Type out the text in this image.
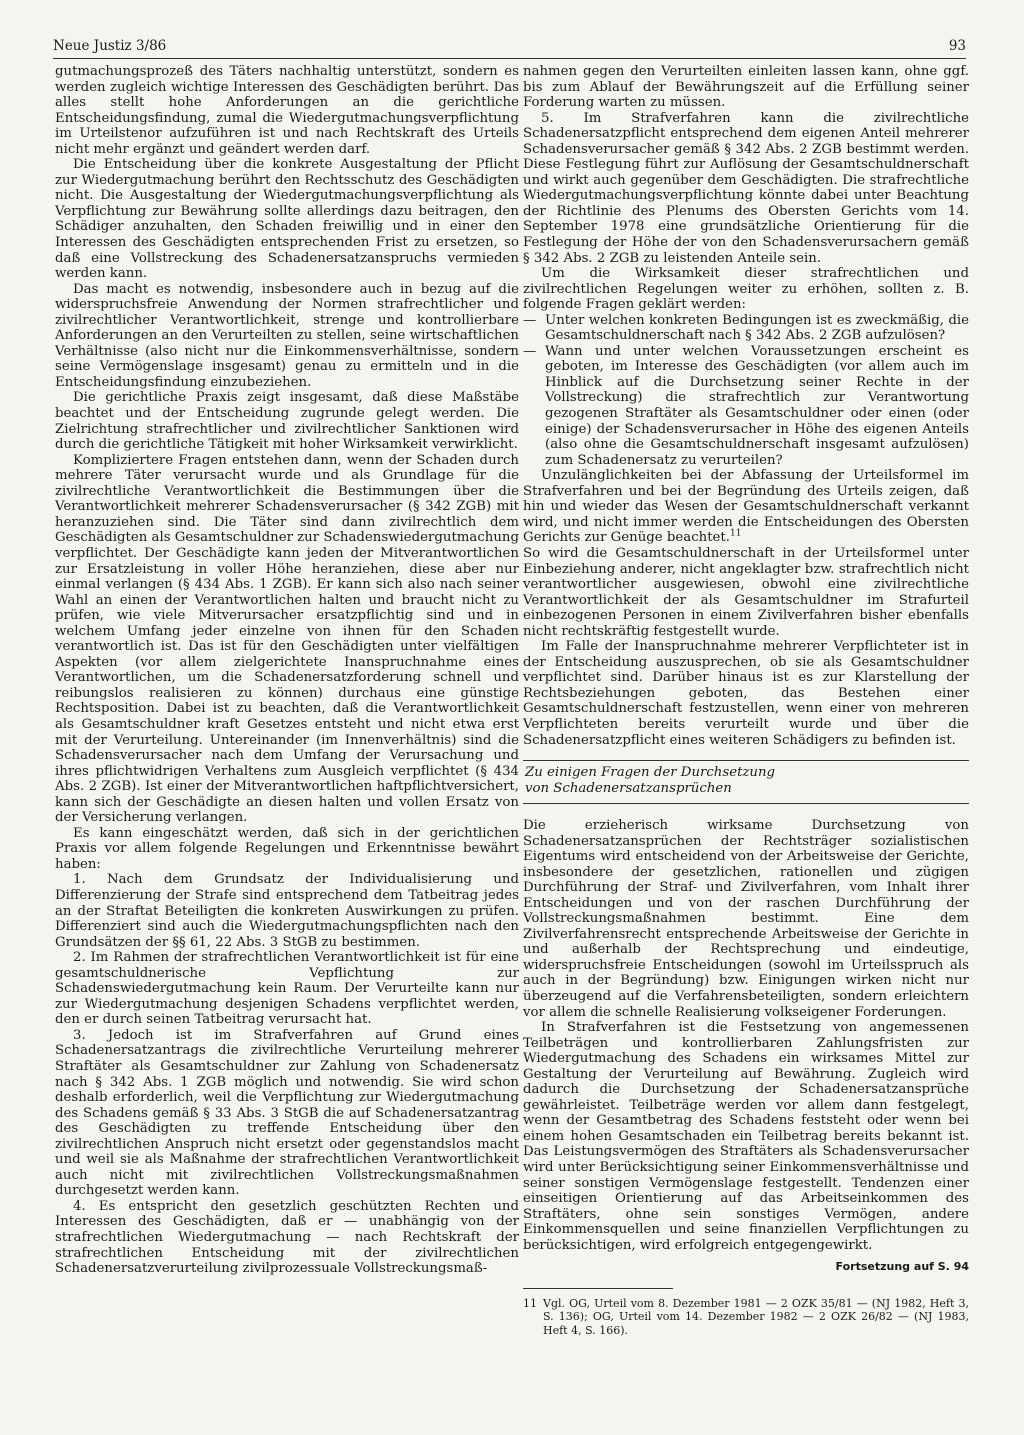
Neue Justiz 3/86	93

gutmachungsprozeß des Täters nachhaltig unterstützt, sondern es werden zugleich wichtige Interessen des Geschädigten berührt. Das alles stellt hohe Anforderungen an die gerichtliche Entscheidungsfindung, zumal die Wiedergutmachungsverpflichtung im Urteilstenor aufzuführen ist und nach Rechtskraft des Urteils nicht mehr ergänzt und geändert werden darf.

Die Entscheidung über die konkrete Ausgestaltung der Pflicht zur Wiedergutmachung berührt den Rechtsschutz des Geschädigten nicht. Die Ausgestaltung der Wiedergutmachungsverpflichtung als Verpflichtung zur Bewährung sollte allerdings dazu beitragen, den Schädiger anzuhalten, den Schaden freiwillig und in einer den Interessen des Geschädigten entsprechenden Frist zu ersetzen, so daß eine Vollstreckung des Schadenersatzanspruchs vermieden werden kann.

Das macht es notwendig, insbesondere auch in bezug auf die widerspruchsfreie Anwendung der Normen strafrechtlicher und zivilrechtlicher Verantwortlichkeit, strenge und kontrollierbare Anforderungen an den Verurteilten zu stellen, seine wirtschaftlichen Verhältnisse (also nicht nur die Einkommensverhältnisse, sondern seine Vermögenslage insgesamt) genau zu ermitteln und in die Entscheidungsfindung einzubeziehen.

Die gerichtliche Praxis zeigt insgesamt, daß diese Maßstäbe beachtet und der Entscheidung zugrunde gelegt werden. Die Zielrichtung strafrechtlicher und zivilrechtlicher Sanktionen wird durch die gerichtliche Tätigkeit mit hoher Wirksamkeit verwirklicht.

Kompliziertere Fragen entstehen dann, wenn der Schaden durch mehrere Täter verursacht wurde und als Grundlage für die zivilrechtliche Verantwortlichkeit die Bestimmungen über die Verantwortlichkeit mehrerer Schadensverursacher (§ 342 ZGB) mit heranzuziehen sind. Die Täter sind dann zivilrechtlich dem Geschädigten als Gesamtschuldner zur Schadenswiedergutmachung verpflichtet. Der Geschädigte kann jeden der Mitverantwortlichen zur Ersatzleistung in voller Höhe heranziehen, diese aber nur einmal verlangen (§ 434 Abs. 1 ZGB). Er kann sich also nach seiner Wahl an einen der Verantwortlichen halten und braucht nicht zu prüfen, wie viele Mitverursacher ersatzpflichtig sind und in welchem Umfang jeder einzelne von ihnen für den Schaden verantwortlich ist. Das ist für den Geschädigten unter vielfältigen Aspekten (vor allem zielgerichtete Inanspruchnahme eines Verantwortlichen, um die Schadenersatzforderung schnell und reibungslos realisieren zu können) durchaus eine günstige Rechtsposition. Dabei ist zu beachten, daß die Verantwortlichkeit als Gesamtschuldner kraft Gesetzes entsteht und nicht etwa erst mit der Verurteilung. Untereinander (im Innenverhältnis) sind die Schadensverursacher nach dem Umfang der Verursachung und ihres pflichtwidrigen Verhaltens zum Ausgleich verpflichtet (§ 434 Abs. 2 ZGB). Ist einer der Mitverantwortlichen haftpflichtversichert, kann sich der Geschädigte an diesen halten und vollen Ersatz von der Versicherung verlangen.

Es kann eingeschätzt werden, daß sich in der gerichtlichen Praxis vor allem folgende Regelungen und Erkenntnisse bewährt haben:

1. Nach dem Grundsatz der Individualisierung und Differenzierung der Strafe sind entsprechend dem Tatbeitrag jedes an der Straftat Beteiligten die konkreten Auswirkungen zu prüfen. Differenziert sind auch die Wiedergutmachungspflichten nach den Grundsätzen der §§ 61, 22 Abs. 3 StGB zu bestimmen.

2. Im Rahmen der strafrechtlichen Verantwortlichkeit ist für eine gesamtschuldnerische Vepflichtung zur Schadenswiedergutmachung kein Raum. Der Verurteilte kann nur zur Wiedergutmachung desjenigen Schadens verpflichtet werden, den er durch seinen Tatbeitrag verursacht hat.

3. Jedoch ist im Strafverfahren auf Grund eines Schadenersatzantrags die zivilrechtliche Verurteilung mehrerer Straftäter als Gesamtschuldner zur Zahlung von Schadenersatz nach § 342 Abs. 1 ZGB möglich und notwendig. Sie wird schon deshalb erforderlich, weil die Verpflichtung zur Wiedergutmachung des Schadens gemäß § 33 Abs. 3 StGB die auf Schadenersatzantrag des Geschädigten zu treffende Entscheidung über den zivilrechtlichen Anspruch nicht ersetzt oder gegenstandslos macht und weil sie als Maßnahme der strafrechtlichen Verantwortlichkeit auch nicht mit zivilrechtlichen Vollstreckungsmaßnahmen durchgesetzt werden kann.

4. Es entspricht den gesetzlich geschützten Rechten und Interessen des Geschädigten, daß er — unabhängig von der strafrechtlichen Wiedergutmachung — nach Rechtskraft der strafrechtlichen Entscheidung mit der zivilrechtlichen Schadenersatzverurteilung zivilprozessuale Vollstreckungsmaß-

nahmen gegen den Verurteilten einleiten lassen kann, ohne ggf. bis zum Ablauf der Bewährungszeit auf die Erfüllung seiner Forderung warten zu müssen.

5. Im Strafverfahren kann die zivilrechtliche Schadenersatzpflicht entsprechend dem eigenen Anteil mehrerer Schadensverursacher gemäß § 342 Abs. 2 ZGB bestimmt werden. Diese Festlegung führt zur Auflösung der Gesamtschuldnerschaft und wirkt auch gegenüber dem Geschädigten. Die strafrechtliche Wiedergutmachungsverpflichtung könnte dabei unter Beachtung der Richtlinie des Plenums des Obersten Gerichts vom 14. September 1978 eine grundsätzliche Orientierung für die Festlegung der Höhe der von den Schadensverursachern gemäß § 342 Abs. 2 ZGB zu leistenden Anteile sein.

Um die Wirksamkeit dieser strafrechtlichen und zivilrechtlichen Regelungen weiter zu erhöhen, sollten z. B. folgende Fragen geklärt werden:

— Unter welchen konkreten Bedingungen ist es zweckmäßig, die Gesamtschuldnerschaft nach § 342 Abs. 2 ZGB aufzulösen?
— Wann und unter welchen Voraussetzungen erscheint es geboten, im Interesse des Geschädigten (vor allem auch im Hinblick auf die Durchsetzung seiner Rechte in der Vollstreckung) die strafrechtlich zur Verantwortung gezogenen Straftäter als Gesamtschuldner oder einen (oder einige) der Schadensverursacher in Höhe des eigenen Anteils (also ohne die Gesamtschuldnerschaft insgesamt aufzulösen) zum Schadenersatz zu verurteilen?

Unzulänglichkeiten bei der Abfassung der Urteilsformel im Strafverfahren und bei der Begründung des Urteils zeigen, daß hin und wieder das Wesen der Gesamtschuldnerschaft verkannt wird, und nicht immer werden die Entscheidungen des Obersten Gerichts zur Genüge beachtet.$^{11}$

So wird die Gesamtschuldnerschaft in der Urteilsformel unter Einbeziehung anderer, nicht angeklagter bzw. strafrechtlich nicht verantwortlicher ausgewiesen, obwohl eine zivilrechtliche Verantwortlichkeit der als Gesamtschuldner im Strafurteil einbezogenen Personen in einem Zivilverfahren bisher ebenfalls nicht rechtskräftig festgestellt wurde.

Im Falle der Inanspruchnahme mehrerer Verpflichteter ist in der Entscheidung auszusprechen, ob sie als Gesamtschuldner verpflichtet sind. Darüber hinaus ist es zur Klarstellung der Rechtsbeziehungen geboten, das Bestehen einer Gesamtschuldnerschaft festzustellen, wenn einer von mehreren Verpflichteten bereits verurteilt wurde und über die Schadenersatzpflicht eines weiteren Schädigers zu befinden ist.

Zu einigen Fragen der Durchsetzung
von Schadenersatzansprüchen

Die erzieherisch wirksame Durchsetzung von Schadenersatzansprüchen der Rechtsträger sozialistischen Eigentums wird entscheidend von der Arbeitsweise der Gerichte, insbesondere der gesetzlichen, rationellen und zügigen Durchführung der Straf- und Zivilverfahren, vom Inhalt ihrer Entscheidungen und von der raschen Durchführung der Vollstreckungsmaßnahmen bestimmt. Eine dem Zivilverfahrensrecht entsprechende Arbeitsweise der Gerichte in und außerhalb der Rechtsprechung und eindeutige, widerspruchsfreie Entscheidungen (sowohl im Urteilsspruch als auch in der Begründung) bzw. Einigungen wirken nicht nur überzeugend auf die Verfahrensbeteiligten, sondern erleichtern vor allem die schnelle Realisierung volkseigener Forderungen.

In Strafverfahren ist die Festsetzung von angemessenen Teilbeträgen und kontrollierbaren Zahlungsfristen zur Wiedergutmachung des Schadens ein wirksames Mittel zur Gestaltung der Verurteilung auf Bewährung. Zugleich wird dadurch die Durchsetzung der Schadenersatzansprüche gewährleistet. Teilbeträge werden vor allem dann festgelegt, wenn der Gesamtbetrag des Schadens feststeht oder wenn bei einem hohen Gesamtschaden ein Teilbetrag bereits bekannt ist. Das Leistungsvermögen des Straftäters als Schadensverursacher wird unter Berücksichtigung seiner Einkommensverhältnisse und seiner sonstigen Vermögenslage festgestellt. Tendenzen einer einseitigen Orientierung auf das Arbeitseinkommen des Straftäters, ohne sein sonstiges Vermögen, andere Einkommensquellen und seine finanziellen Verpflichtungen zu berücksichtigen, wird erfolgreich entgegengewirkt.

Fortsetzung auf S. 94
11 Vgl. OG, Urteil vom 8. Dezember 1981 — 2 OZK 35/81 — (NJ 1982, Heft 3, S. 136); OG, Urteil vom 14. Dezember 1982 — 2 OZK 26/82 — (NJ 1983, Heft 4, S. 166).
